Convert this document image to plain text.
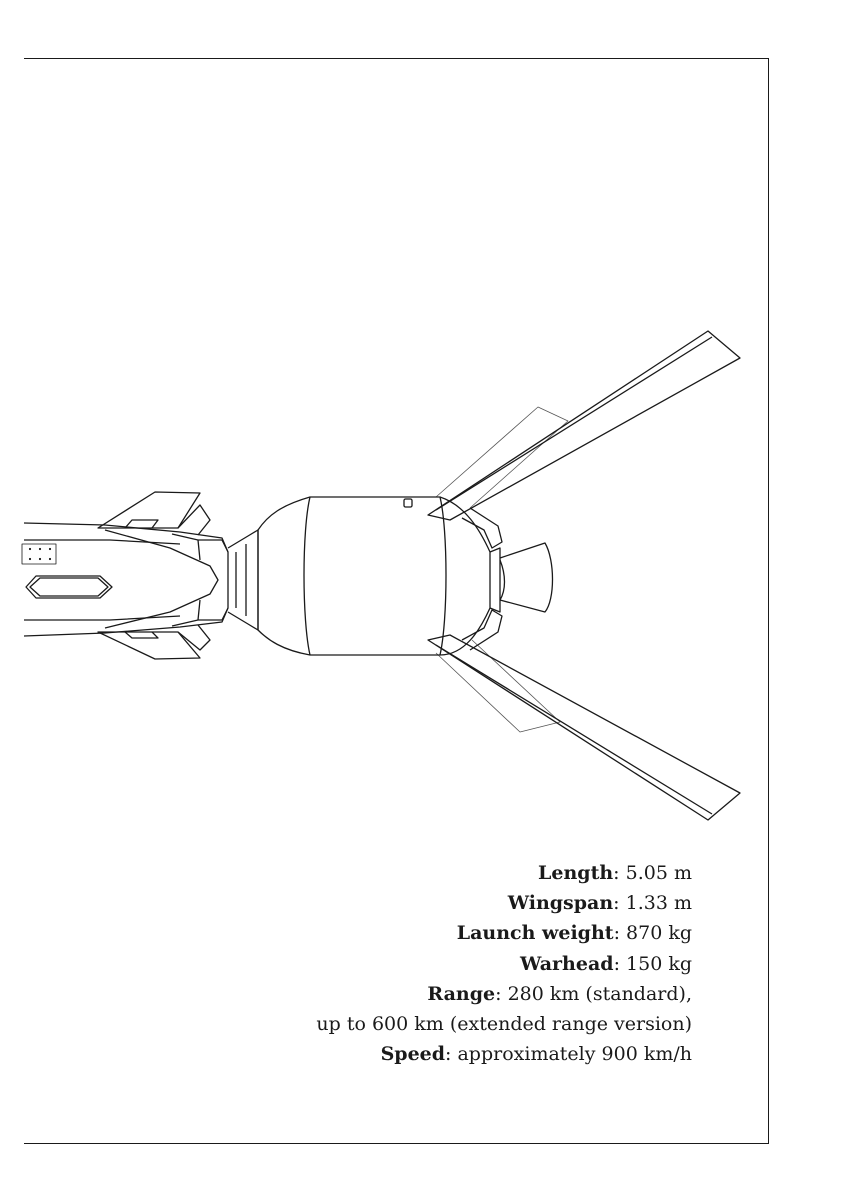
Length: 5.05 m
Wingspan: 1.33 m
Launch weight: 870 kg
Warhead: 150 kg
Range: 280 km (standard),
up to 600 km (extended range version)
Speed: approximately 900 km/h
